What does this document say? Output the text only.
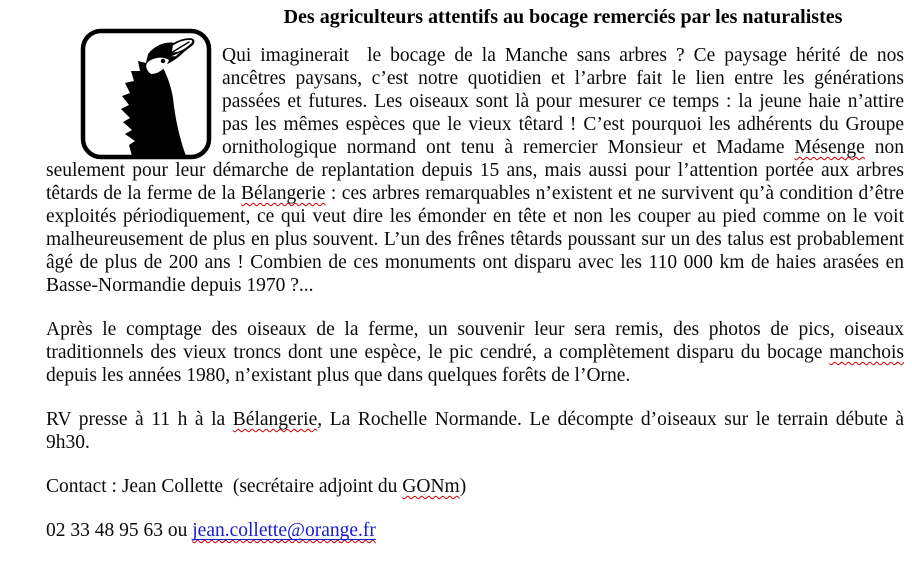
Des agriculteurs attentifs au bocage remerciés par les naturalistes

Qui imaginerait  le bocage de la Manche sans arbres ? Ce paysage hérité de nos ancêtres paysans, c’est notre quotidien et l’arbre fait le lien entre les générations passées et futures. Les oiseaux sont là pour mesurer ce temps : la jeune haie n’attire pas les mêmes espèces que le vieux têtard ! C’est pourquoi les adhérents du Groupe ornithologique normand ont tenu à remercier Monsieur et Madame Mésenge non seulement pour leur démarche de replantation depuis 15 ans, mais aussi pour l’attention portée aux arbres têtards de la ferme de la Bélangerie : ces arbres remarquables n’existent et ne survivent qu’à condition d’être exploités périodiquement, ce qui veut dire les émonder en tête et non les couper au pied comme on le voit malheureusement de plus en plus souvent. L’un des frênes têtards poussant sur un des talus est probablement âgé de plus de 200 ans ! Combien de ces monuments ont disparu avec les 110 000 km de haies arasées en Basse-Normandie depuis 1970 ?...

Après le comptage des oiseaux de la ferme, un souvenir leur sera remis, des photos de pics, oiseaux traditionnels des vieux troncs dont une espèce, le pic cendré, a complètement disparu du bocage manchois depuis les années 1980, n’existant plus que dans quelques forêts de l’Orne.

RV presse à 11 h à la Bélangerie, La Rochelle Normande. Le décompte d’oiseaux sur le terrain débute à 9h30.

Contact : Jean Collette  (secrétaire adjoint du GONm)

02 33 48 95 63 ou jean.collette@orange.fr
